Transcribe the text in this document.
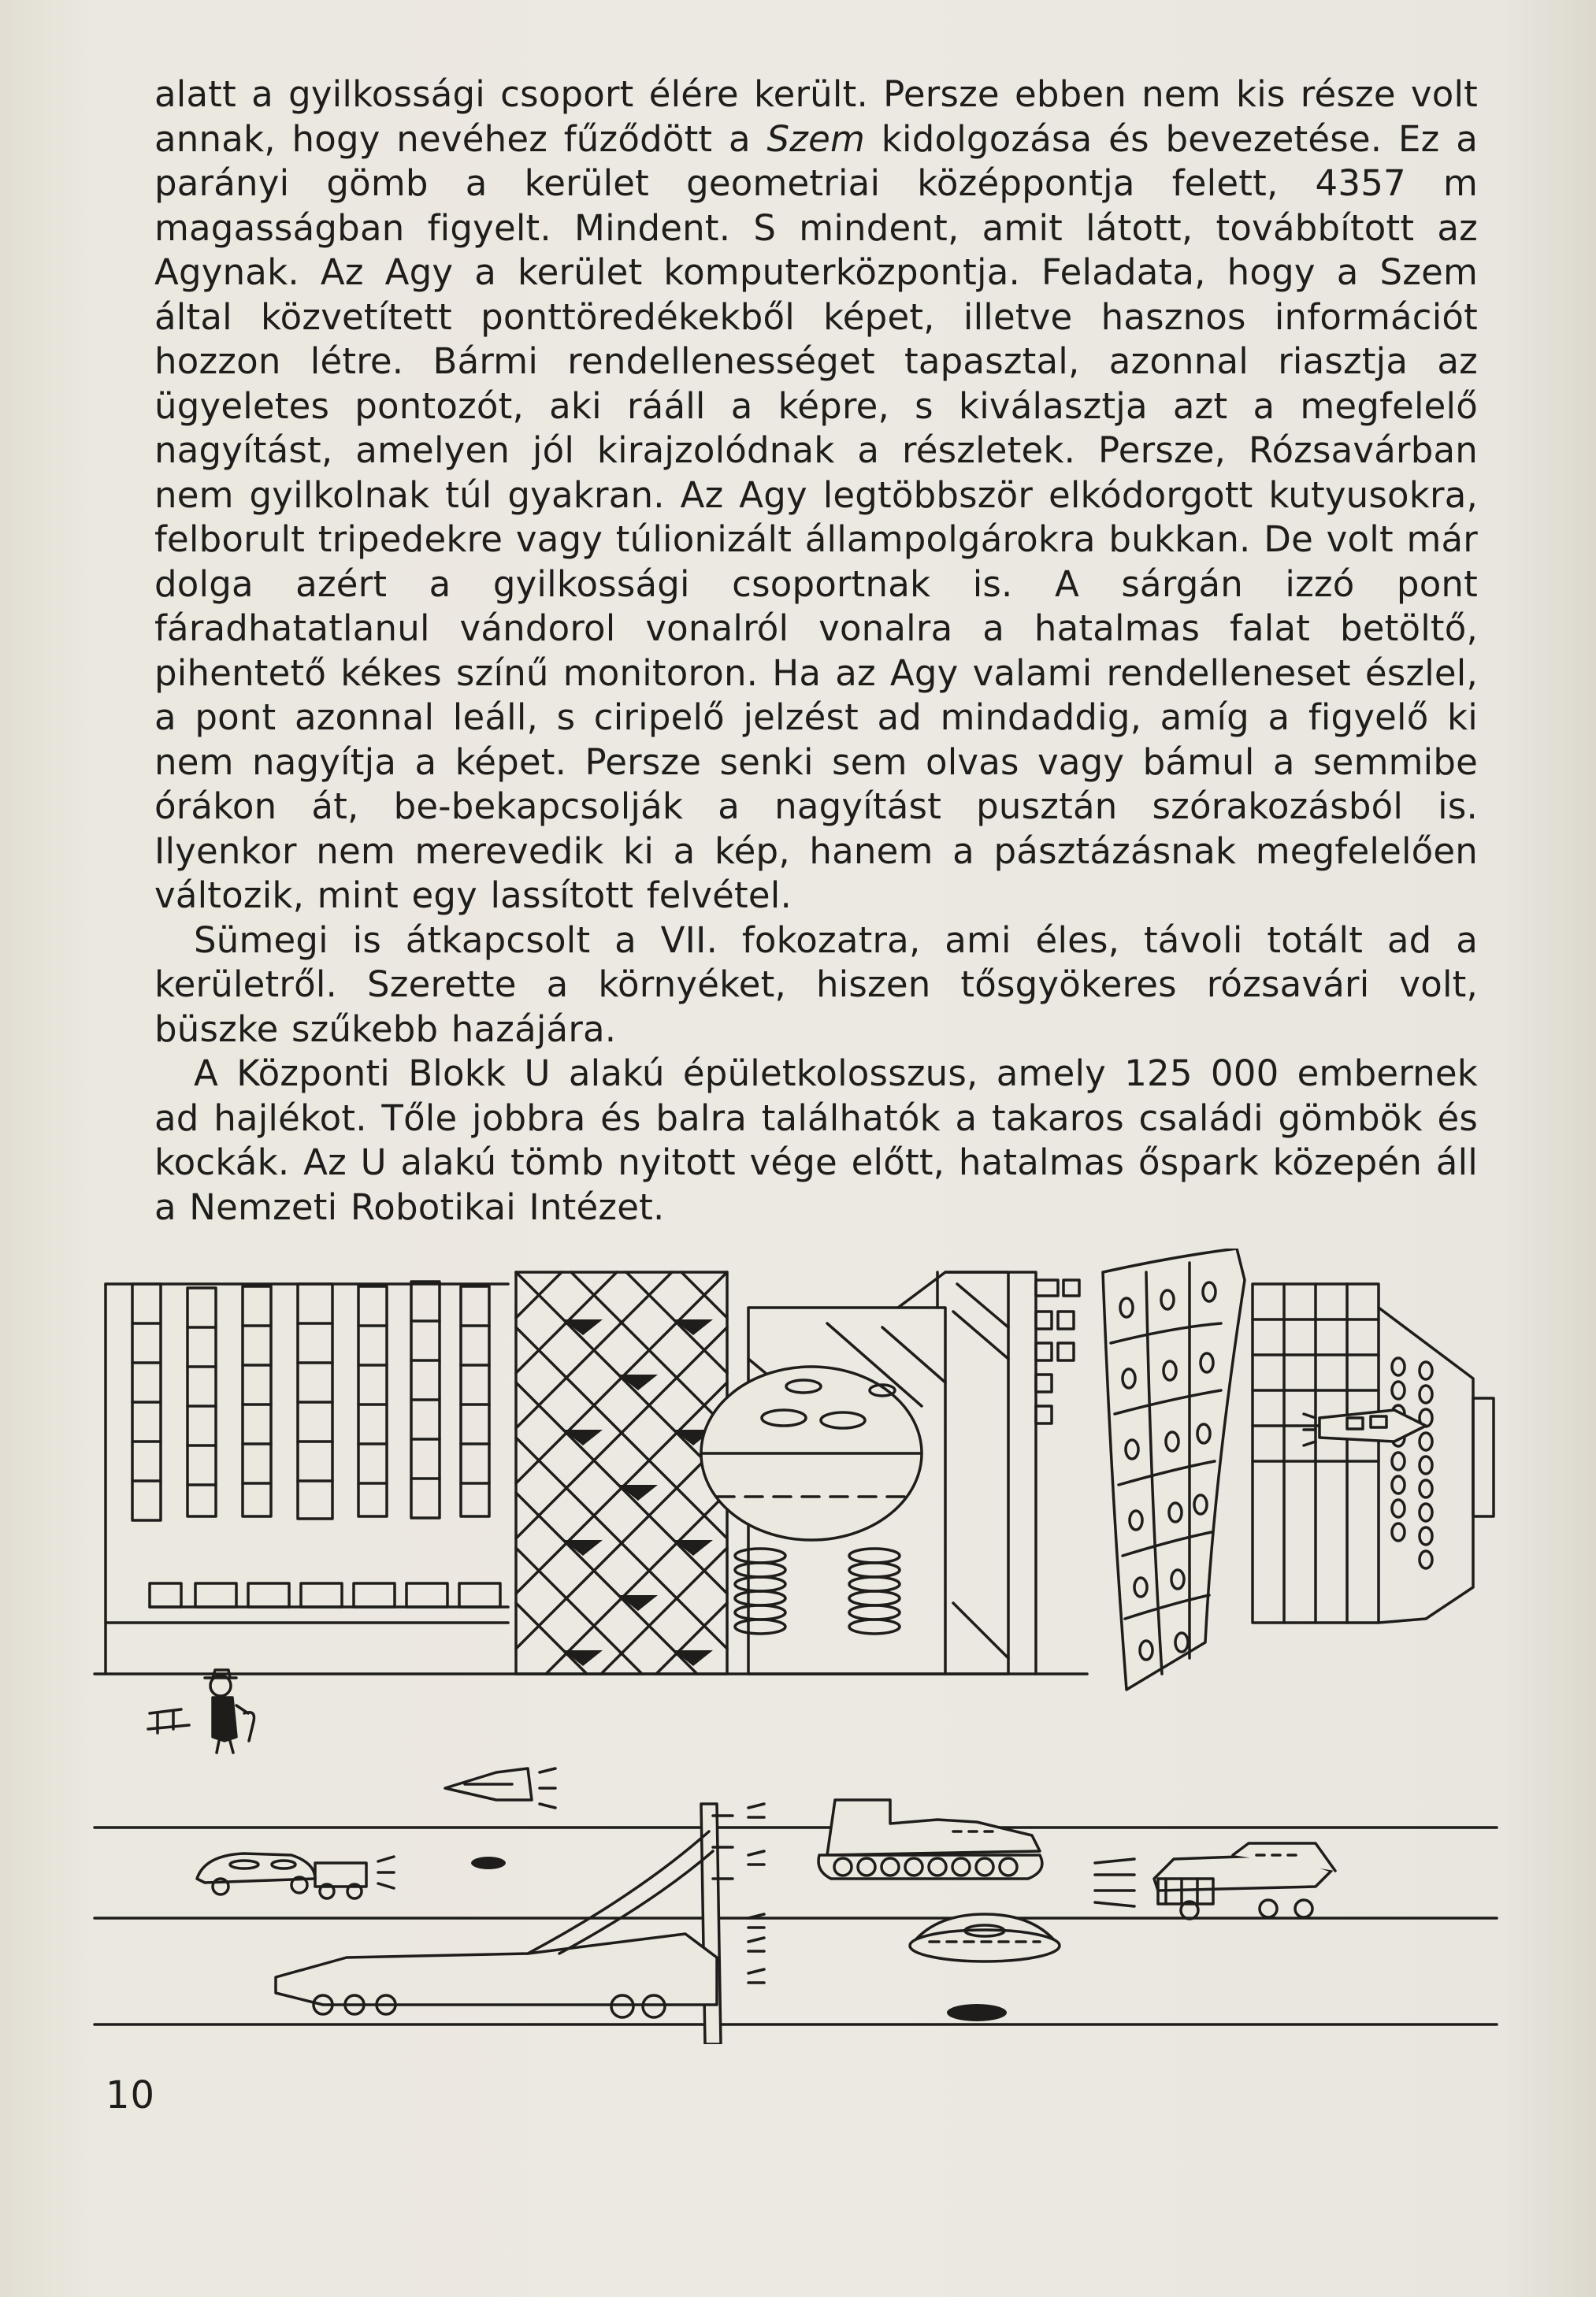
alatt a gyilkossági csoport élére került. Persze ebben nem kis része volt annak, hogy nevéhez fűződött a Szem kidolgozása és bevezetése. Ez a parányi gömb a kerület geometriai középpontja felett, 4357 m magasságban figyelt. Mindent. S mindent, amit látott, továbbított az Agynak. Az Agy a kerület komputerközpontja. Feladata, hogy a Szem által közvetített ponttöredékekből képet, illetve hasznos információt hozzon létre. Bármi rendellenességet tapasztal, azonnal riasztja az ügyeletes pontozót, aki rááll a képre, s kiválasztja azt a megfelelő nagyítást, amelyen jól kirajzolódnak a részletek. Persze, Rózsavárban nem gyilkolnak túl gyakran. Az Agy legtöbbször elkódorgott kutyusokra, felborult tripedekre vagy túlionizált állampolgárokra bukkan. De volt már dolga azért a gyilkossági csoportnak is. A sárgán izzó pont fáradhatatlanul vándorol vonalról vonalra a hatalmas falat betöltő, pihentető kékes színű monitoron. Ha az Agy valami rendelleneset észlel, a pont azonnal leáll, s ciripelő jelzést ad mindaddig, amíg a figyelő ki nem nagyítja a képet. Persze senki sem olvas vagy bámul a semmibe órákon át, be-bekapcsolják a nagyítást pusztán szórakozásból is. Ilyenkor nem merevedik ki a kép, hanem a pásztázásnak megfelelően változik, mint egy lassított felvétel.

Sümegi is átkapcsolt a VII. fokozatra, ami éles, távoli totált ad a kerületről. Szerette a környéket, hiszen tősgyökeres rózsavári volt, büszke szűkebb hazájára.

A Központi Blokk U alakú épületkolosszus, amely 125 000 embernek ad hajlékot. Tőle jobbra és balra találhatók a takaros családi gömbök és kockák. Az U alakú tömb nyitott vége előtt, hatalmas őspark közepén áll a Nemzeti Robotikai Intézet.

10
